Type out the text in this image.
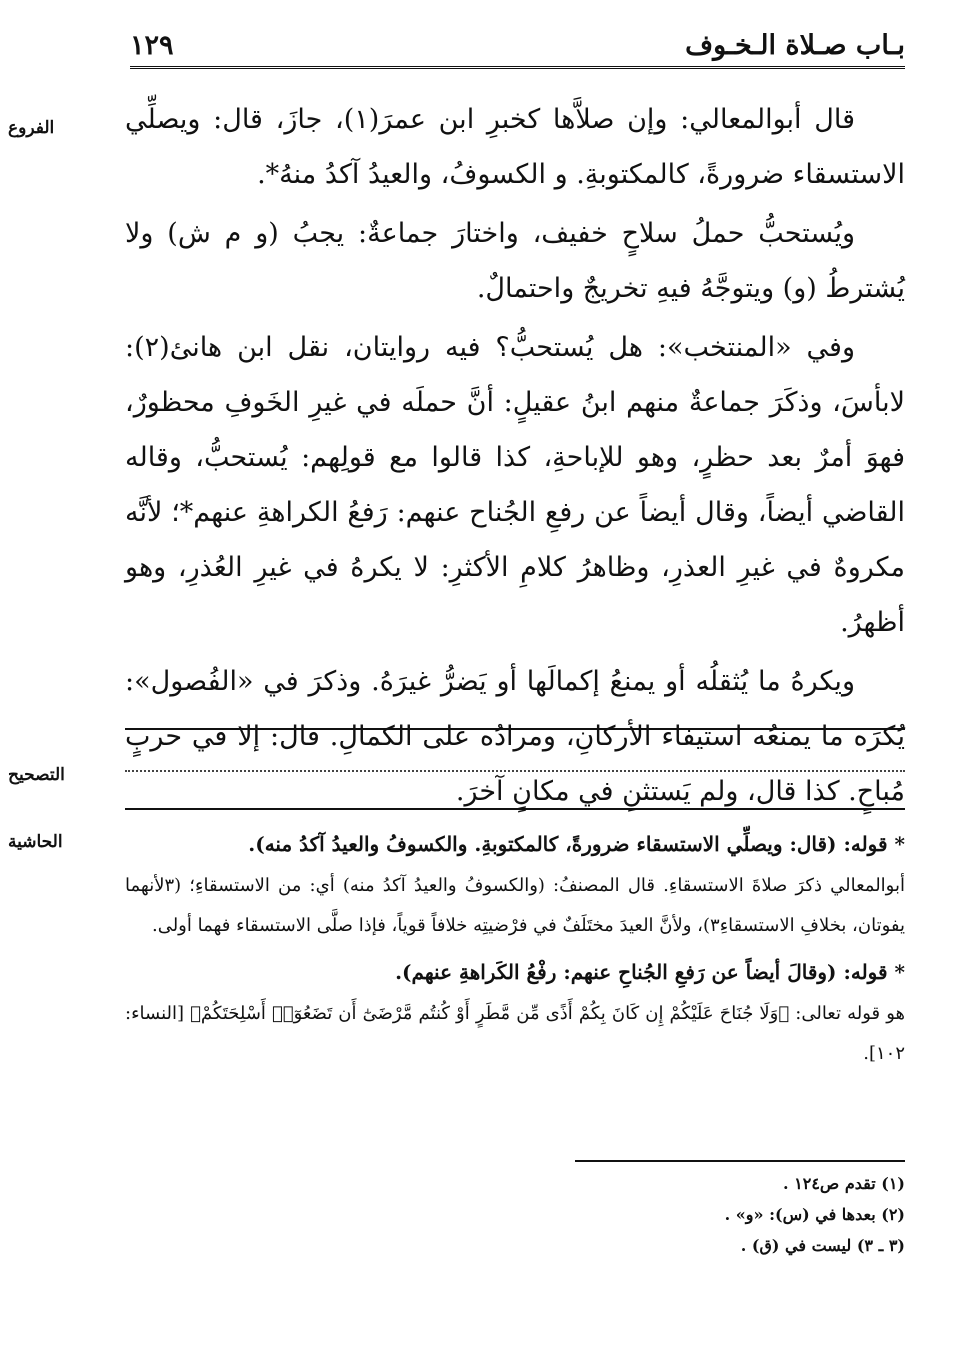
بـاب صـلاة الـخـوف
١٢٩
الفروع
التصحيح
الحاشية

قال أبوالمعالي: وإن صلاَّها كخبرِ ابن عمرَ(١)، جازَ، قال: ويصلِّي الاستسقاء ضرورةً، كالمكتوبةِ. و الكسوفُ، والعيدُ آكدُ منهُ*.

ويُستحبُّ حملُ سلاحٍ خفيف، واختارَ جماعةٌ: يجبُ (و م ش) ولا يُشترطُ (و) ويتوجَّهُ فيهِ تخريجٌ واحتمالٌ.

وفي «المنتخب»: هل يُستحبُّ؟ فيه روايتان، نقل ابن هانئ(٢): لابأسَ، وذكَرَ جماعةٌ منهم ابنُ عقيلٍ: أنَّ حملَه في غيرِ الخَوفِ محظورٌ، فهوَ أمرٌ بعد حظرٍ، وهو للإباحةِ، كذا قالوا مع قولِهم: يُستحبُّ، وقاله القاضي أيضاً، وقال أيضاً عن رفعِ الجُناح عنهم: رَفعُ الكراهةِ عنهم*؛ لأنَّه مكروهٌ في غيرِ العذرِ، وظاهرُ كلامِ الأكثرِ: لا يكرهُ في غيرِ العُذرِ، وهو أظهرُ.

ويكرهُ ما يُثقلُه أو يمنعُ إكمالَها أو يَضرُّ غيرَهُ. وذكرَ في «الفُصول»: يُكرَه ما يمنعُه استيفاء الأركانِ، ومرادُه على الكمالِ. قال: إلا في حربٍ مُباحٍ. كذا قال، ولم يَستثنِ في مكانٍ آخرَ.

* قوله: (قال: ويصلِّي الاستسقاء ضرورةً، كالمكتوبةِ. والكسوفُ والعيدُ آكدُ منه).

أبوالمعالي ذكرَ صلاةَ الاستسقاءِ. قال المصنفُ: (والكسوفُ والعيدُ آكدُ منه) أي: من الاستسقاءِ؛ (٣لأنهما يفوتان، بخلافِ الاستسقاءِ٣)، ولأنَّ العيدَ مختَلَفٌ في فرْضيتِه خلافاً قوياً، فإذا صلَّى الاستسقاء فهما أولى.

* قوله: (وقالَ أيضاً عن رَفعِ الجُناحِ عنهم: رفْعُ الكَراهةِ عنهم).

هو قوله تعالى: ﴿وَلَا جُنَاحَ عَلَيْكُمْ إِن كَانَ بِكُمْ أَذًى مِّن مَّطَرٍ أَوْ كُنتُم مَّرْضَىٰٓ أَن تَضَعُوٓا۟ أَسْلِحَتَكُمْ﴾ [النساء: ١٠٢].

(١) تقدم ص١٢٤ .
(٢) بعدها في (س): «و» .
(٣ ـ ٣) ليست في (ق) .
